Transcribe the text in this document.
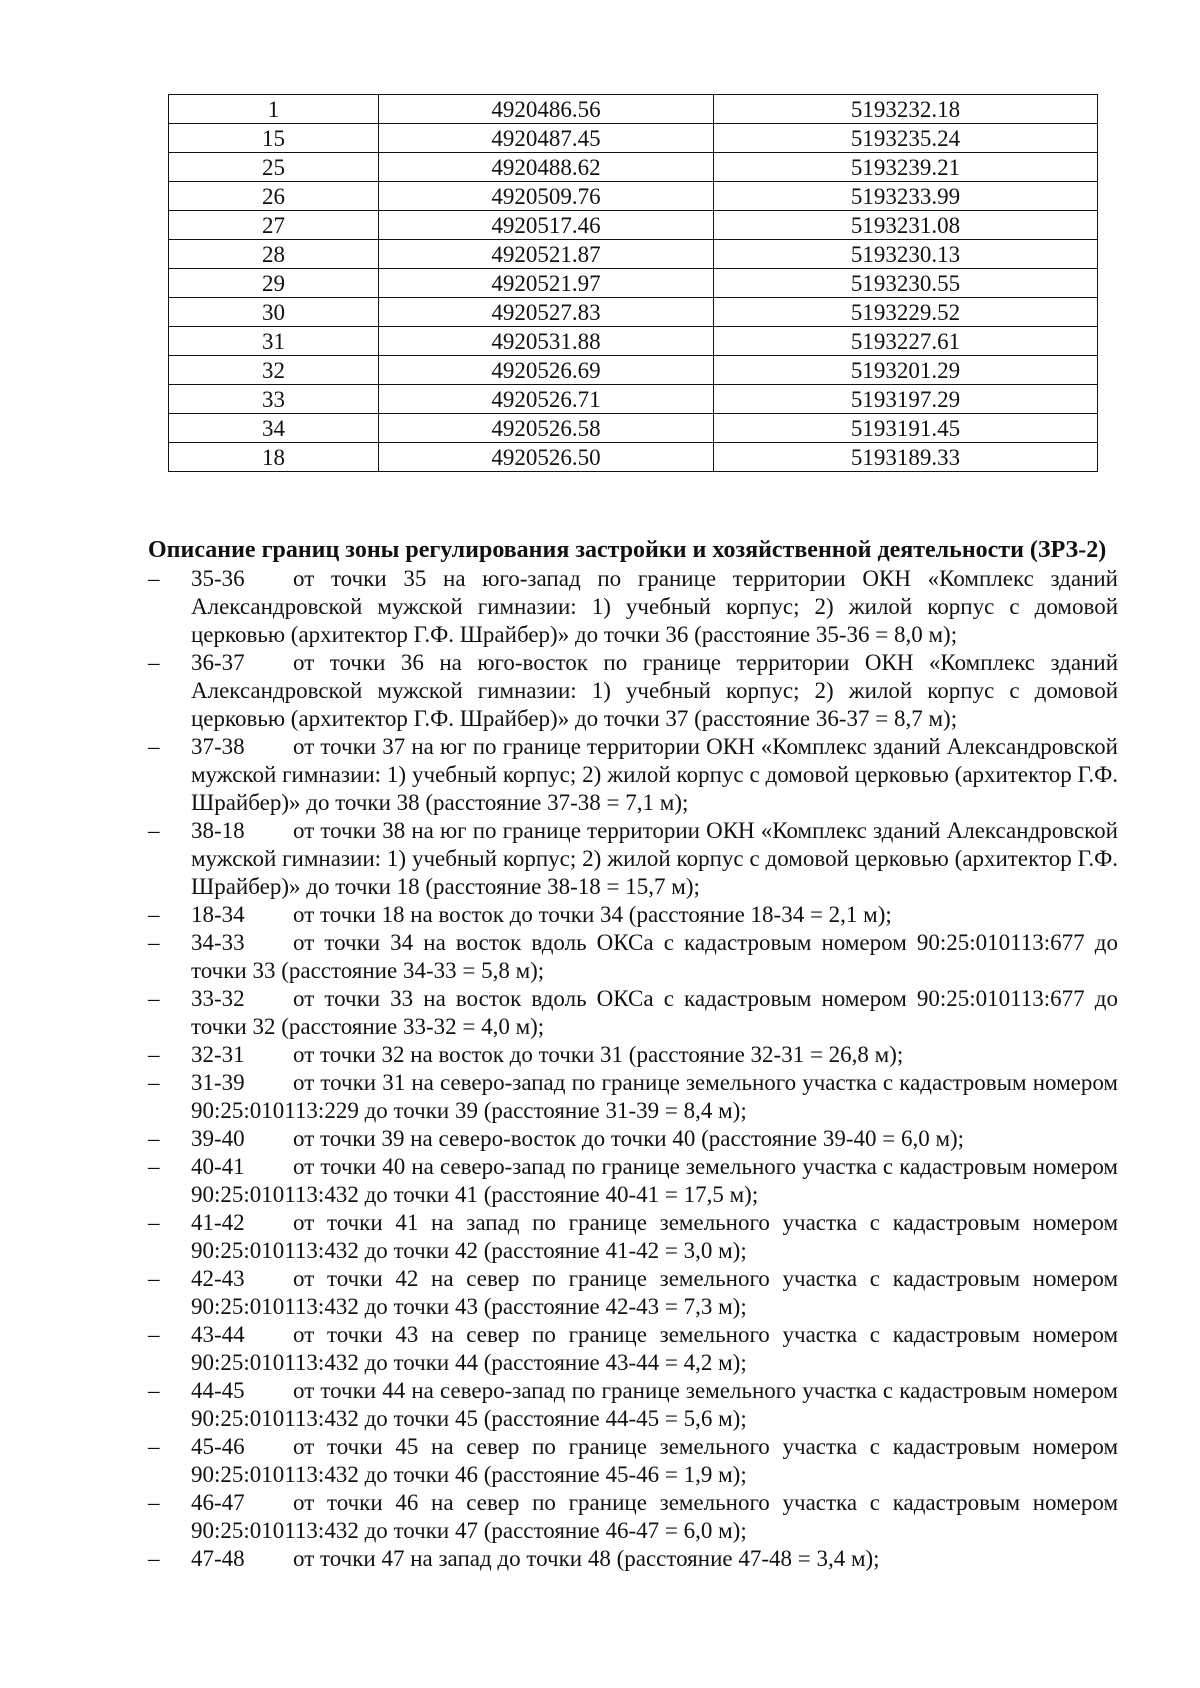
1	4920486.56	5193232.18
15	4920487.45	5193235.24
25	4920488.62	5193239.21
26	4920509.76	5193233.99
27	4920517.46	5193231.08
28	4920521.87	5193230.13
29	4920521.97	5193230.55
30	4920527.83	5193229.52
31	4920531.88	5193227.61
32	4920526.69	5193201.29
33	4920526.71	5193197.29
34	4920526.58	5193191.45
18	4920526.50	5193189.33
Описание границ зоны регулирования застройки и хозяйственной деятельности (ЗРЗ-2)
– 35-36 от точки 35 на юго-запад по границе территории ОКН «Комплекс зданий Александровской мужской гимназии: 1) учебный корпус; 2) жилой корпус с домовой церковью (архитектор Г.Ф. Шрайбер)» до точки 36 (расстояние 35-36 = 8,0 м);
– 36-37 от точки 36 на юго-восток по границе территории ОКН «Комплекс зданий Александровской мужской гимназии: 1) учебный корпус; 2) жилой корпус с домовой церковью (архитектор Г.Ф. Шрайбер)» до точки 37 (расстояние 36-37 = 8,7 м);
– 37-38 от точки 37 на юг по границе территории ОКН «Комплекс зданий Александровской мужской гимназии: 1) учебный корпус; 2) жилой корпус с домовой церковью (архитектор Г.Ф. Шрайбер)» до точки 38 (расстояние 37-38 = 7,1 м);
– 38-18 от точки 38 на юг по границе территории ОКН «Комплекс зданий Александровской мужской гимназии: 1) учебный корпус; 2) жилой корпус с домовой церковью (архитектор Г.Ф. Шрайбер)» до точки 18 (расстояние 38-18 = 15,7 м);
– 18-34 от точки 18 на восток до точки 34 (расстояние 18-34 = 2,1 м);
– 34-33 от точки 34 на восток вдоль ОКСа с кадастровым номером 90:25:010113:677 до точки 33 (расстояние 34-33 = 5,8 м);
– 33-32 от точки 33 на восток вдоль ОКСа с кадастровым номером 90:25:010113:677 до точки 32 (расстояние 33-32 = 4,0 м);
– 32-31 от точки 32 на восток до точки 31 (расстояние 32-31 = 26,8 м);
– 31-39 от точки 31 на северо-запад по границе земельного участка с кадастровым номером 90:25:010113:229 до точки 39 (расстояние 31-39 = 8,4 м);
– 39-40 от точки 39 на северо-восток до точки 40 (расстояние 39-40 = 6,0 м);
– 40-41 от точки 40 на северо-запад по границе земельного участка с кадастровым номером 90:25:010113:432 до точки 41 (расстояние 40-41 = 17,5 м);
– 41-42 от точки 41 на запад по границе земельного участка с кадастровым номером 90:25:010113:432 до точки 42 (расстояние 41-42 = 3,0 м);
– 42-43 от точки 42 на север по границе земельного участка с кадастровым номером 90:25:010113:432 до точки 43 (расстояние 42-43 = 7,3 м);
– 43-44 от точки 43 на север по границе земельного участка с кадастровым номером 90:25:010113:432 до точки 44 (расстояние 43-44 = 4,2 м);
– 44-45 от точки 44 на северо-запад по границе земельного участка с кадастровым номером 90:25:010113:432 до точки 45 (расстояние 44-45 = 5,6 м);
– 45-46 от точки 45 на север по границе земельного участка с кадастровым номером 90:25:010113:432 до точки 46 (расстояние 45-46 = 1,9 м);
– 46-47 от точки 46 на север по границе земельного участка с кадастровым номером 90:25:010113:432 до точки 47 (расстояние 46-47 = 6,0 м);
– 47-48 от точки 47 на запад до точки 48 (расстояние 47-48 = 3,4 м);
